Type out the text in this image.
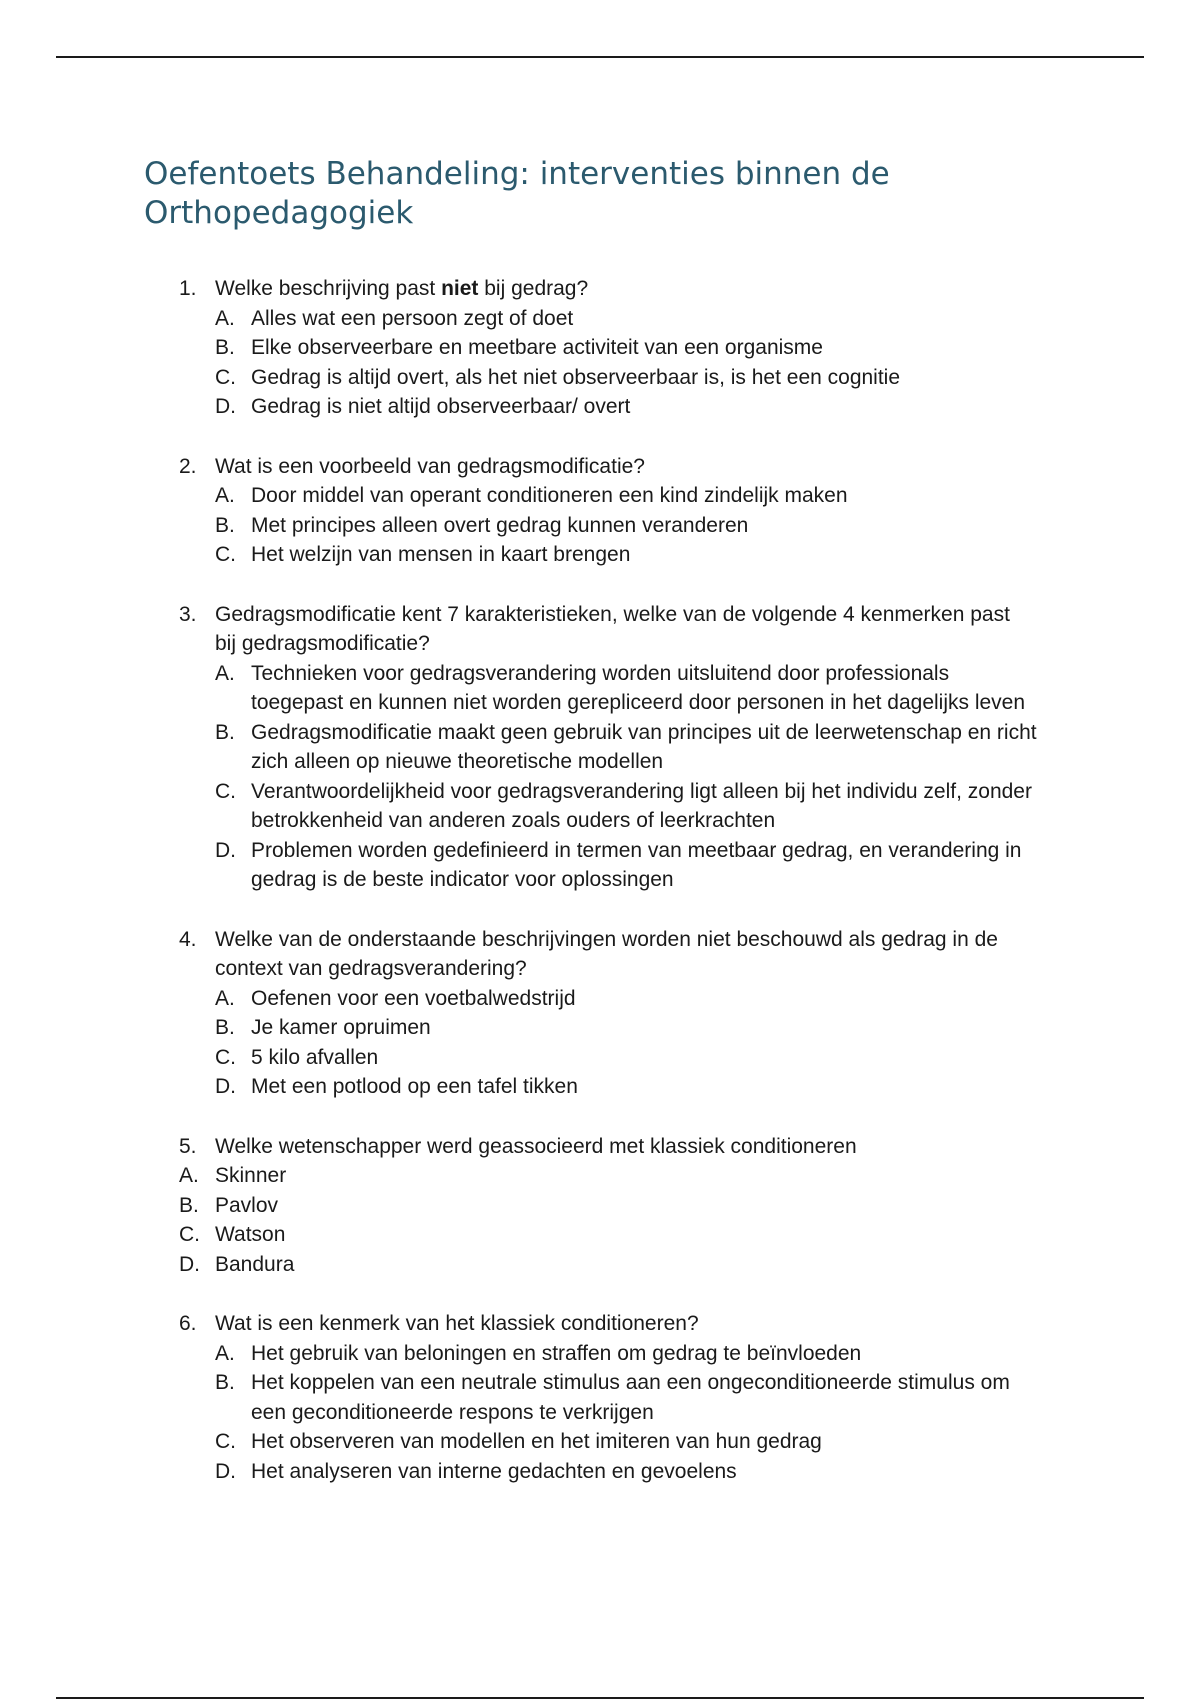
Oefentoets Behandeling: interventies binnen de Orthopedagogiek
1. Welke beschrijving past niet bij gedrag?
A. Alles wat een persoon zegt of doet
B. Elke observeerbare en meetbare activiteit van een organisme
C. Gedrag is altijd overt, als het niet observeerbaar is, is het een cognitie
D. Gedrag is niet altijd observeerbaar/ overt
2. Wat is een voorbeeld van gedragsmodificatie?
A. Door middel van operant conditioneren een kind zindelijk maken
B. Met principes alleen overt gedrag kunnen veranderen
C. Het welzijn van mensen in kaart brengen
3. Gedragsmodificatie kent 7 karakteristieken, welke van de volgende 4 kenmerken past bij gedragsmodificatie?
A. Technieken voor gedragsverandering worden uitsluitend door professionals toegepast en kunnen niet worden gerepliceerd door personen in het dagelijks leven
B. Gedragsmodificatie maakt geen gebruik van principes uit de leerwetenschap en richt zich alleen op nieuwe theoretische modellen
C. Verantwoordelijkheid voor gedragsverandering ligt alleen bij het individu zelf, zonder betrokkenheid van anderen zoals ouders of leerkrachten
D. Problemen worden gedefinieerd in termen van meetbaar gedrag, en verandering in gedrag is de beste indicator voor oplossingen
4. Welke van de onderstaande beschrijvingen worden niet beschouwd als gedrag in de context van gedragsverandering?
A. Oefenen voor een voetbalwedstrijd
B. Je kamer opruimen
C. 5 kilo afvallen
D. Met een potlood op een tafel tikken
5. Welke wetenschapper werd geassocieerd met klassiek conditioneren
A. Skinner
B. Pavlov
C. Watson
D. Bandura
6. Wat is een kenmerk van het klassiek conditioneren?
A. Het gebruik van beloningen en straffen om gedrag te beïnvloeden
B. Het koppelen van een neutrale stimulus aan een ongeconditioneerde stimulus om een geconditioneerde respons te verkrijgen
C. Het observeren van modellen en het imiteren van hun gedrag
D. Het analyseren van interne gedachten en gevoelens
